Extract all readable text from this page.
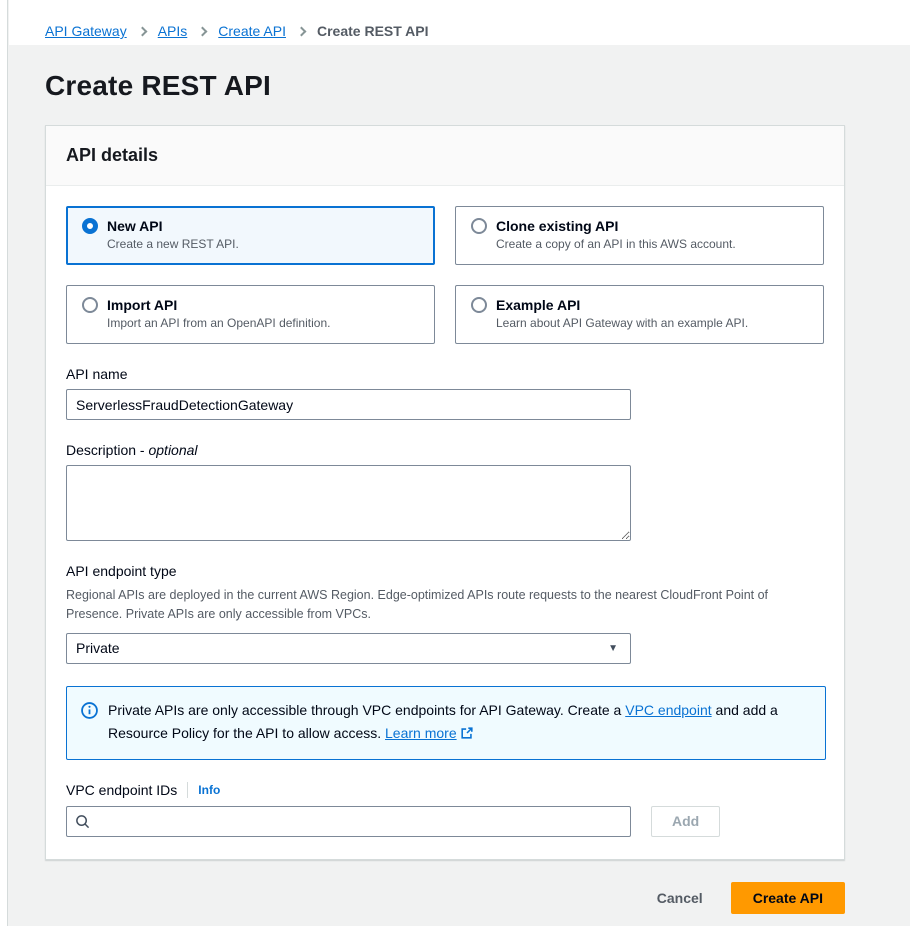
API Gateway APIs Create API Create REST API
Create REST API
API details
New API
Create a new REST API.
Clone existing API
Create a copy of an API in this AWS account.
Import API
Import an API from an OpenAPI definition.
Example API
Learn about API Gateway with an example API.
API name
ServerlessFraudDetectionGateway
Description - optional
API endpoint type
Regional APIs are deployed in the current AWS Region. Edge-optimized APIs route requests to the nearest CloudFront Point of Presence. Private APIs are only accessible from VPCs.
Private	▼
Private APIs are only accessible through VPC endpoints for API Gateway. Create a VPC endpoint and add a Resource Policy for the API to allow access. Learn more
VPC endpoint IDs Info
Add
Cancel	Create API
